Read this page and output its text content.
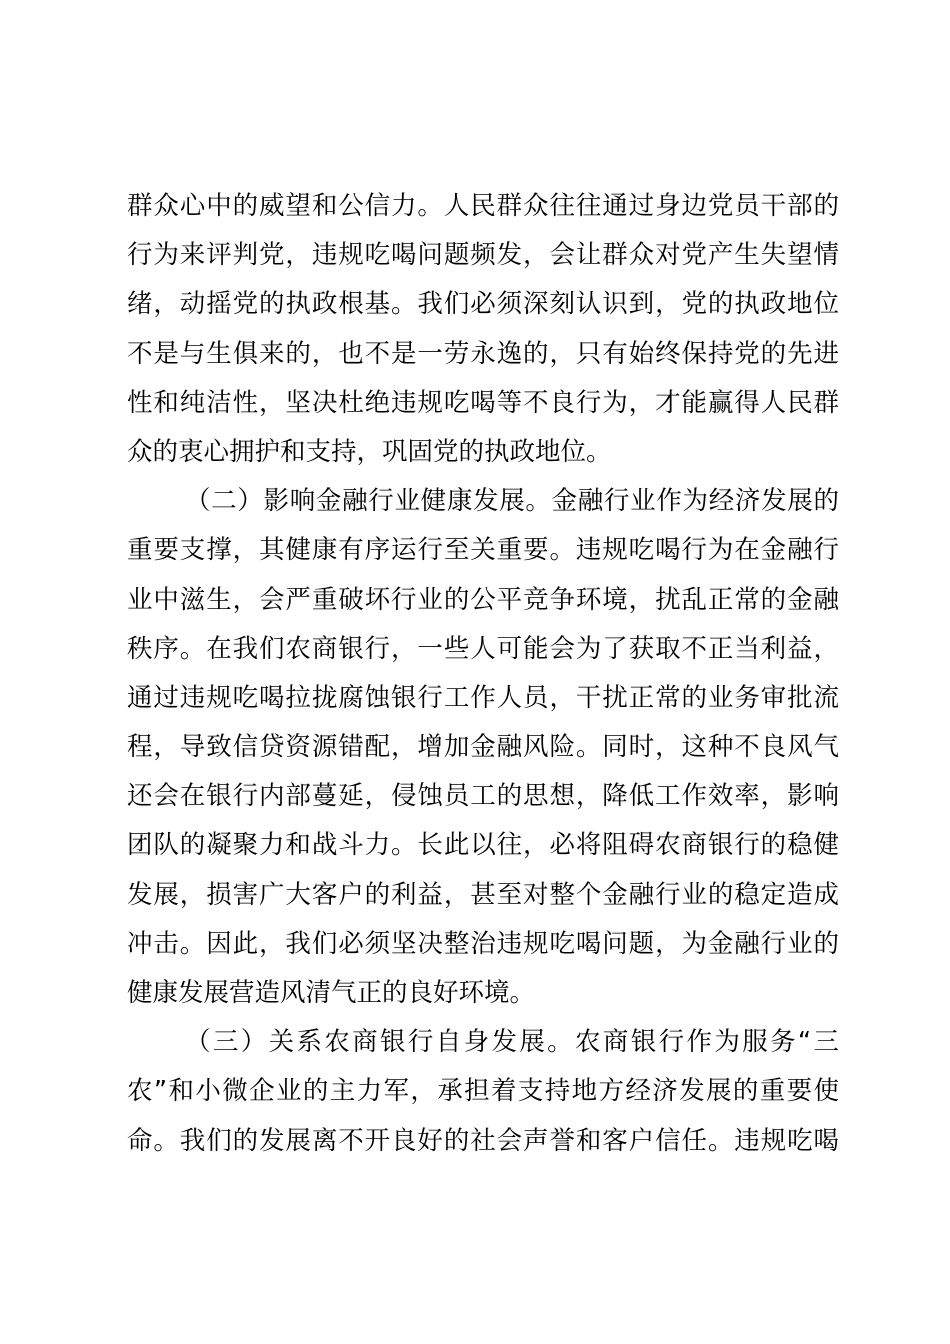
群众心中的威望和公信力。人民群众往往通过身边党员干部的
行为来评判党，违规吃喝问题频发，会让群众对党产生失望情
绪，动摇党的执政根基。我们必须深刻认识到，党的执政地位
不是与生俱来的，也不是一劳永逸的，只有始终保持党的先进
性和纯洁性，坚决杜绝违规吃喝等不良行为，才能赢得人民群
众的衷心拥护和支持，巩固党的执政地位。
（二）影响金融行业健康发展。金融行业作为经济发展的
重要支撑，其健康有序运行至关重要。违规吃喝行为在金融行
业中滋生，会严重破坏行业的公平竞争环境，扰乱正常的金融
秩序。在我们农商银行，一些人可能会为了获取不正当利益，
通过违规吃喝拉拢腐蚀银行工作人员，干扰正常的业务审批流
程，导致信贷资源错配，增加金融风险。同时，这种不良风气
还会在银行内部蔓延，侵蚀员工的思想，降低工作效率，影响
团队的凝聚力和战斗力。长此以往，必将阻碍农商银行的稳健
发展，损害广大客户的利益，甚至对整个金融行业的稳定造成
冲击。因此，我们必须坚决整治违规吃喝问题，为金融行业的
健康发展营造风清气正的良好环境。
（三）关系农商银行自身发展。农商银行作为服务“三
农”和小微企业的主力军，承担着支持地方经济发展的重要使
命。我们的发展离不开良好的社会声誉和客户信任。违规吃喝
